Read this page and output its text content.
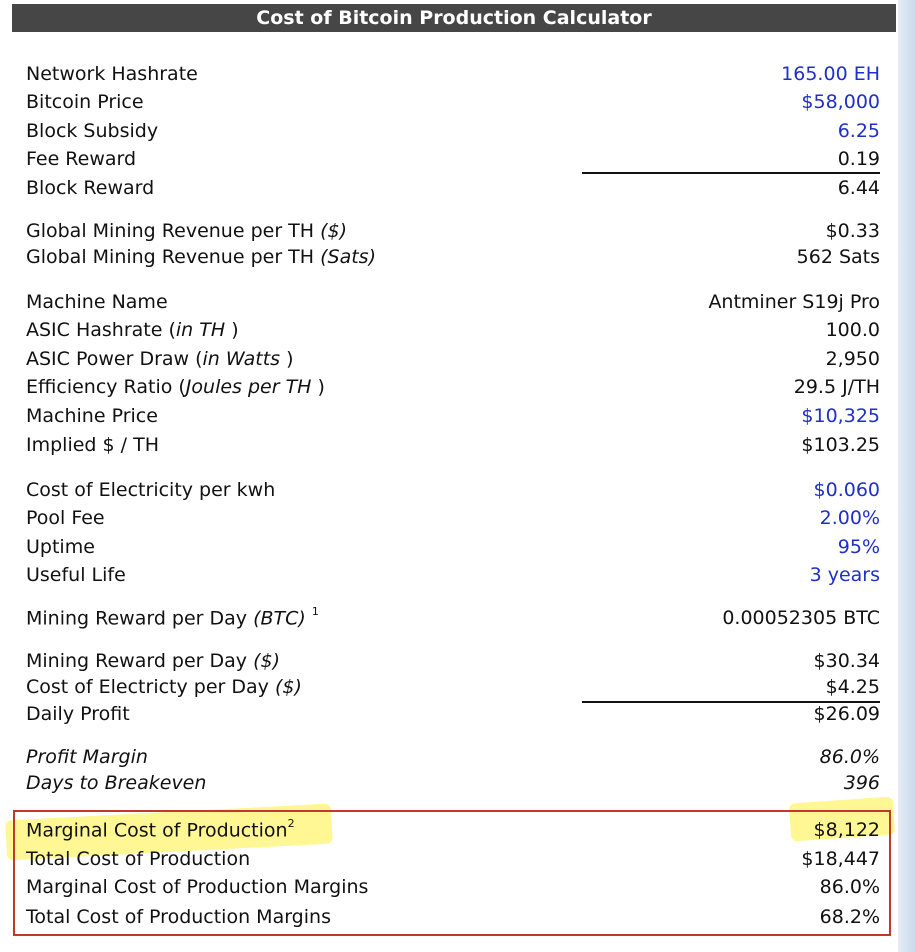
Cost of Bitcoin Production Calculator
Network Hashrate	165.00 EH
Bitcoin Price	$58,000
Block Subsidy	6.25
Fee Reward	0.19
Block Reward	6.44
Global Mining Revenue per TH ($)	$0.33
Global Mining Revenue per TH (Sats)	562 Sats
Machine Name	Antminer S19j Pro
ASIC Hashrate (in TH )	100.0
ASIC Power Draw (in Watts )	2,950
Efficiency Ratio (Joules per TH )	29.5 J/TH
Machine Price	$10,325
Implied $ / TH	$103.25
Cost of Electricity per kwh	$0.060
Pool Fee	2.00%
Uptime	95%
Useful Life	3 years
Mining Reward per Day (BTC) $^1$	0.00052305 BTC
Mining Reward per Day ($)	$30.34
Cost of Electricty per Day ($)	$4.25
Daily Profit	$26.09
Profit Margin	86.0%
Days to Breakeven	396
Marginal Cost of Production$^2$	$8,122
Total Cost of Production	$18,447
Marginal Cost of Production Margins	86.0%
Total Cost of Production Margins	68.2%
